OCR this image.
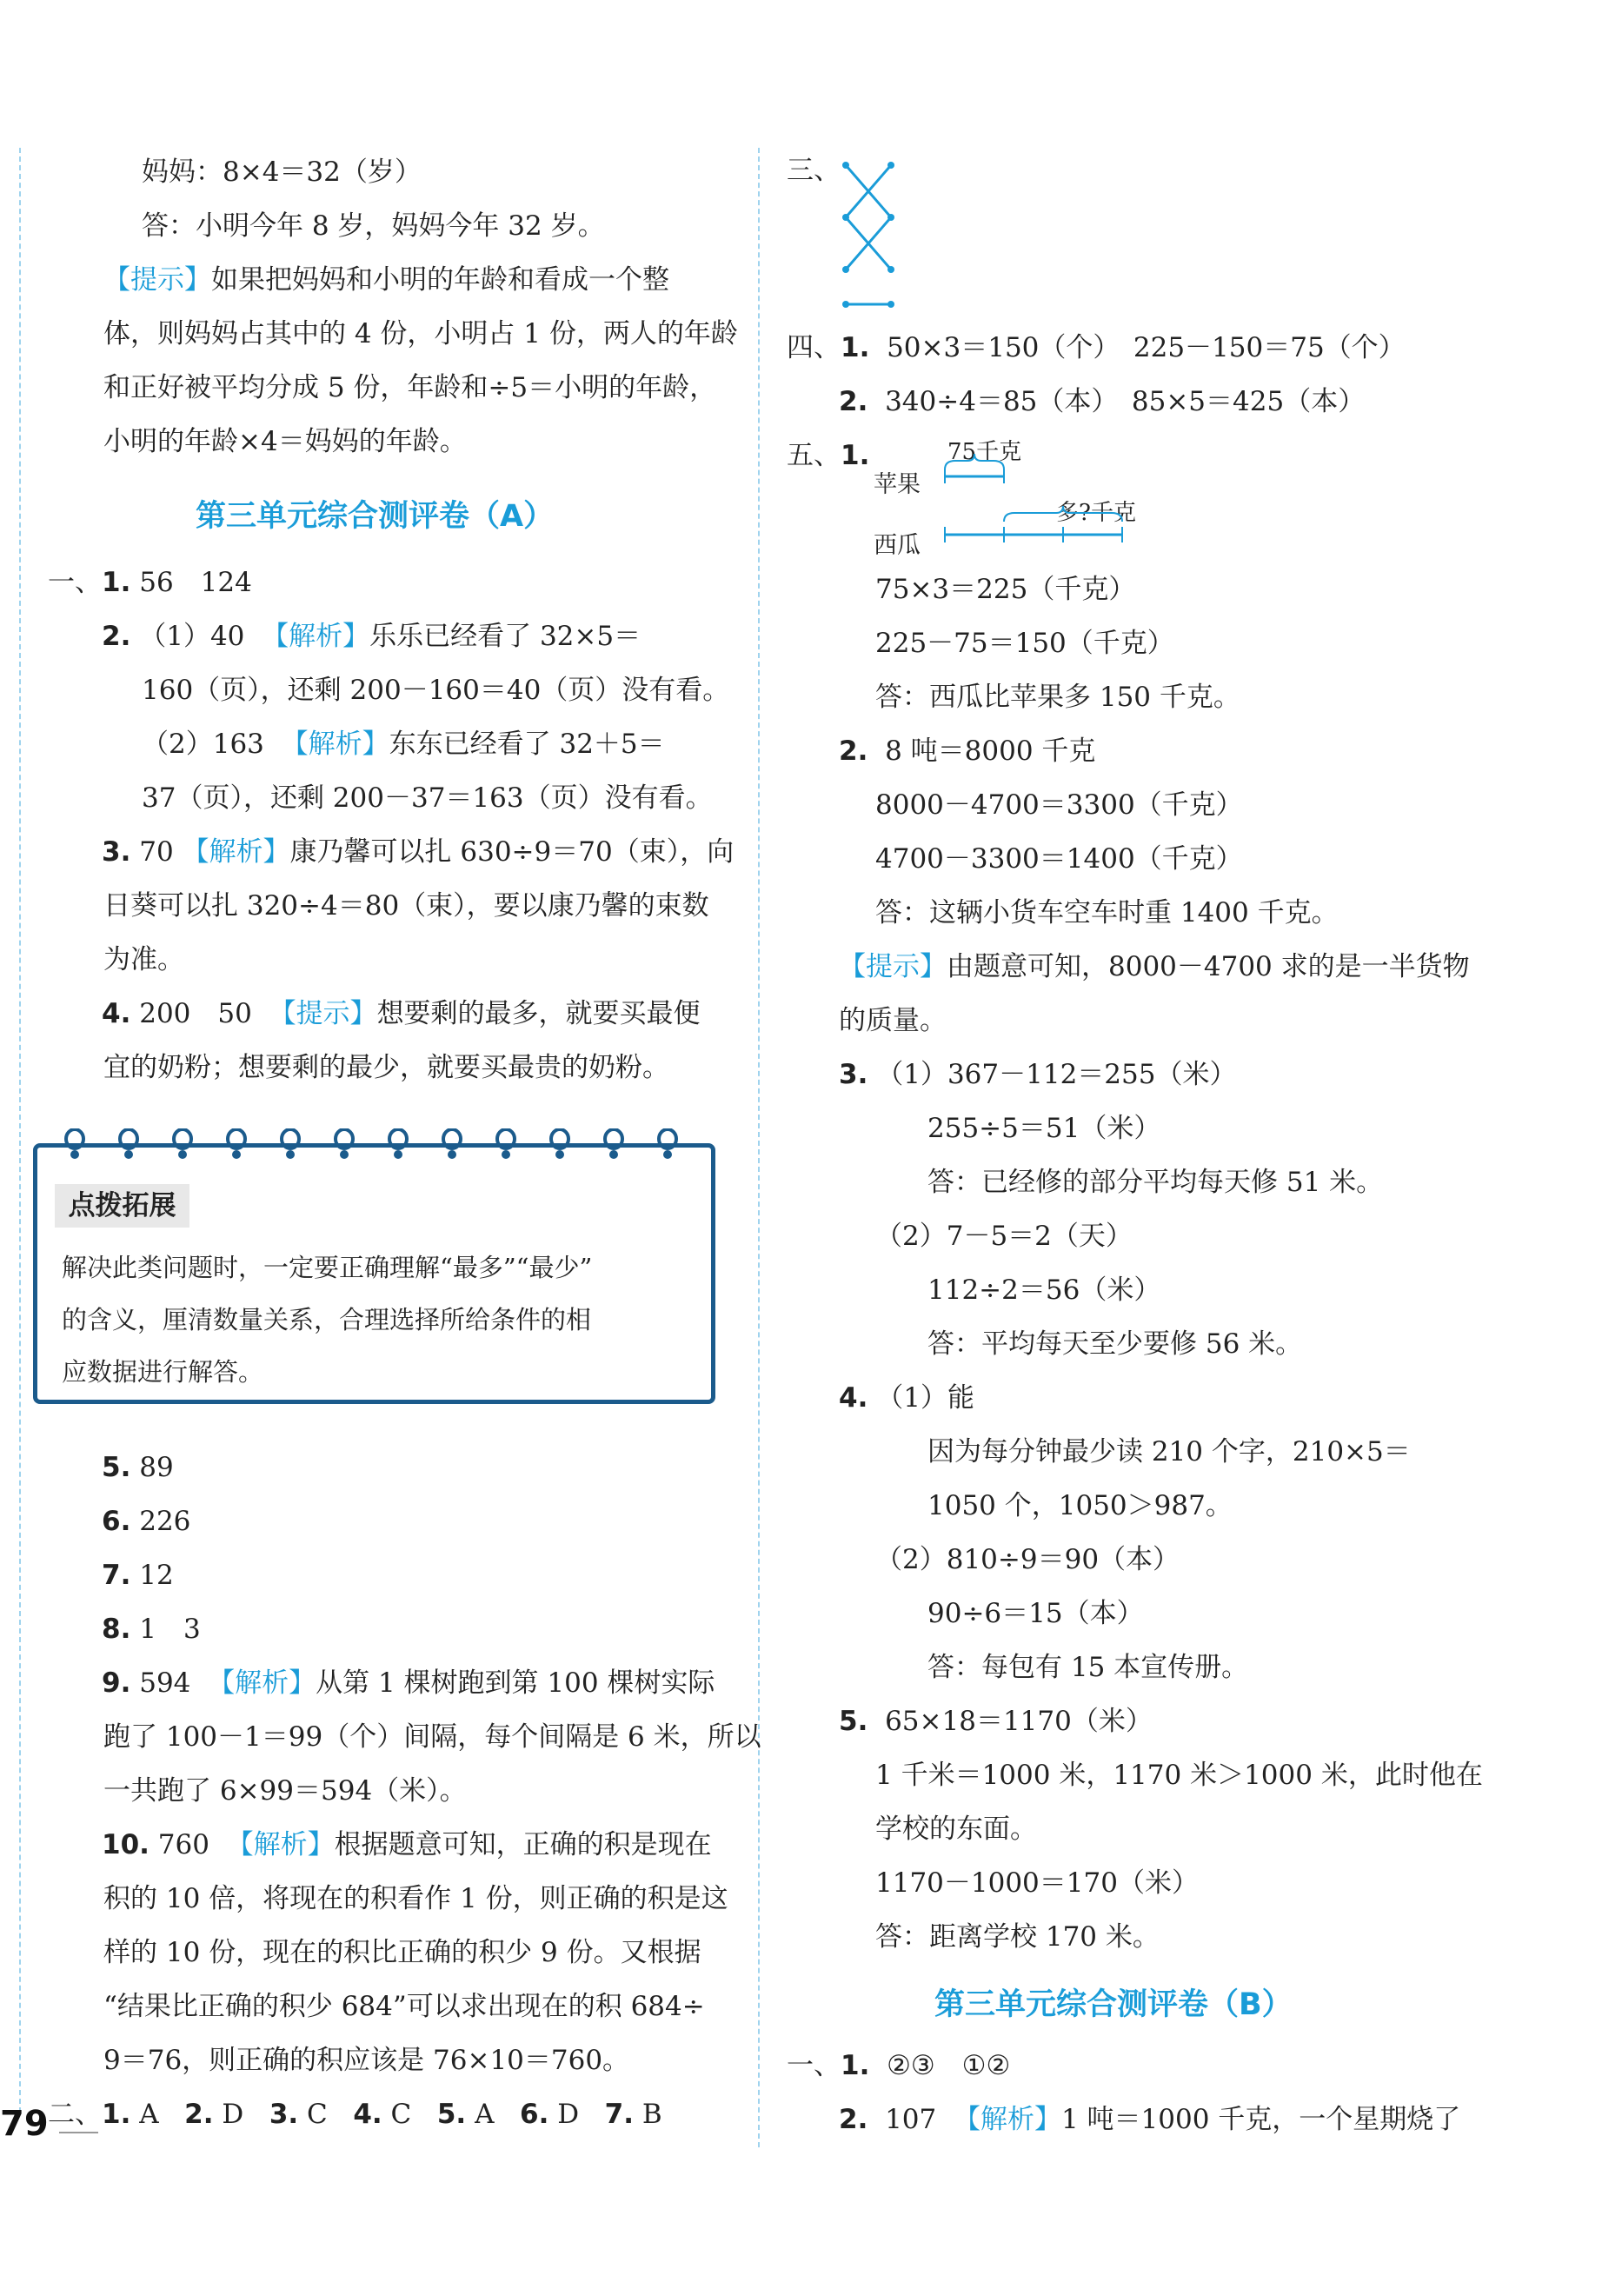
妈妈：8×4＝32（岁）
答：小明今年 8 岁，妈妈今年 32 岁。
【提示】如果把妈妈和小明的年龄和看成一个整
体，则妈妈占其中的 4 份，小明占 1 份，两人的年龄
和正好被平均分成 5 份，年龄和÷5＝小明的年龄，
小明的年龄×4＝妈妈的年龄。
第三单元综合测评卷（A）
一、1. 56　124
2. （1）40 【解析】乐乐已经看了 32×5＝
160（页），还剩 200－160＝40（页）没有看。
（2）163 【解析】东东已经看了 32＋5＝
37（页），还剩 200－37＝163（页）没有看。
3. 70 【解析】康乃馨可以扎 630÷9＝70（束），向
日葵可以扎 320÷4＝80（束），要以康乃馨的束数
为准。
4. 200　50 【提示】想要剩的最多，就要买最便
宜的奶粉；想要剩的最少，就要买最贵的奶粉。
点拨拓展
解决此类问题时，一定要正确理解“最多”“最少”
的含义，厘清数量关系，合理选择所给条件的相
应数据进行解答。
5. 89
6. 226
7. 12
8. 1　3
9. 594 【解析】从第 1 棵树跑到第 100 棵树实际
跑了 100－1＝99（个）间隔，每个间隔是 6 米，所以
一共跑了 6×99＝594（米）。
10. 760 【解析】根据题意可知，正确的积是现在
积的 10 倍，将现在的积看作 1 份，则正确的积是这
样的 10 份，现在的积比正确的积少 9 份。又根据
“结果比正确的积少 684”可以求出现在的积 684÷
9＝76，则正确的积应该是 76×10＝760。
二、1. A 2. D 3. C 4. C 5. A 6. D 7. B
79
三、
四、1. 50×3＝150（个）　225－150＝75（个）
2. 340÷4＝85（本）　85×5＝425（本）
五、1.	75千克
苹果
多?千克
西瓜
75×3＝225（千克）
225－75＝150（千克）
答：西瓜比苹果多 150 千克。
2. 8 吨＝8000 千克
8000－4700＝3300（千克）
4700－3300＝1400（千克）
答：这辆小货车空车时重 1400 千克。
【提示】由题意可知，8000－4700 求的是一半货物
的质量。
3. （1）367－112＝255（米）
255÷5＝51（米）
答：已经修的部分平均每天修 51 米。
（2）7－5＝2（天）
112÷2＝56（米）
答：平均每天至少要修 56 米。
4. （1）能
因为每分钟最少读 210 个字，210×5＝
1050 个，1050＞987。
（2）810÷9＝90（本）
90÷6＝15（本）
答：每包有 15 本宣传册。
5. 65×18＝1170（米）
1 千米＝1000 米，1170 米＞1000 米，此时他在
学校的东面。
1170－1000＝170（米）
答：距离学校 170 米。
第三单元综合测评卷（B）
一、1. ②③　①②
2. 107 【解析】1 吨＝1000 千克，一个星期烧了
